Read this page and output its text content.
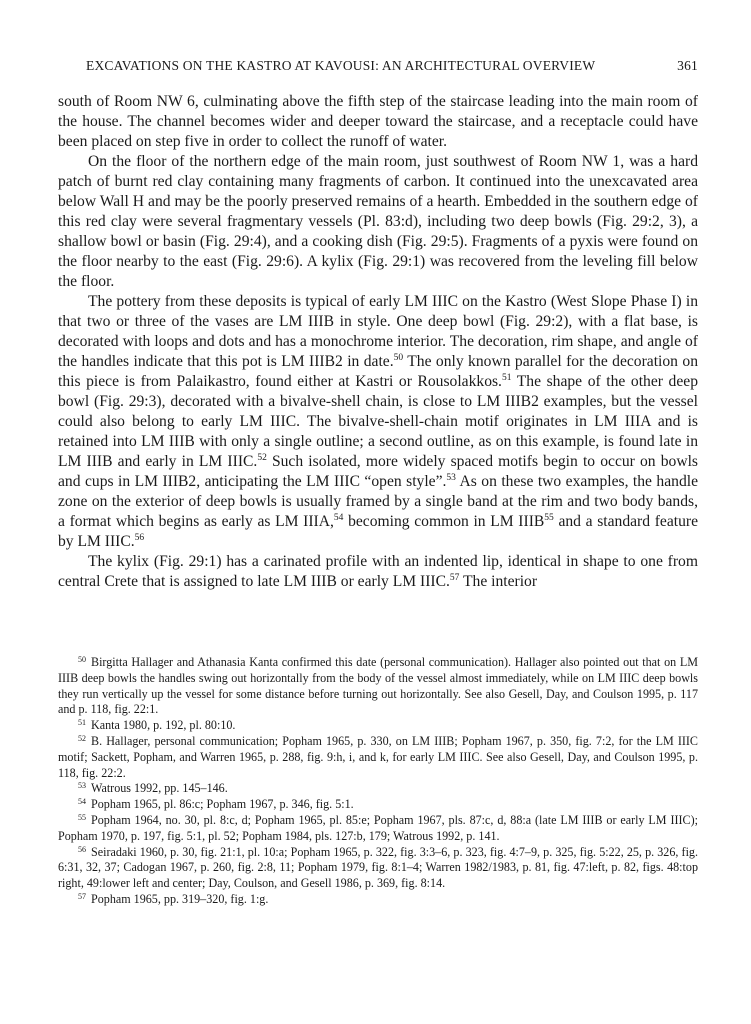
EXCAVATIONS ON THE KASTRO AT KAVOUSI: AN ARCHITECTURAL OVERVIEW	361

south of Room NW 6, culminating above the fifth step of the staircase leading into the main room of the house. The channel becomes wider and deeper toward the staircase, and a receptacle could have been placed on step five in order to collect the runoff of water.

On the floor of the northern edge of the main room, just southwest of Room NW 1, was a hard patch of burnt red clay containing many fragments of carbon. It continued into the unexcavated area below Wall H and may be the poorly preserved remains of a hearth. Embedded in the southern edge of this red clay were several fragmentary vessels (Pl. 83:d), including two deep bowls (Fig. 29:2, 3), a shallow bowl or basin (Fig. 29:4), and a cooking dish (Fig. 29:5). Fragments of a pyxis were found on the floor nearby to the east (Fig. 29:6). A kylix (Fig. 29:1) was recovered from the leveling fill below the floor.

The pottery from these deposits is typical of early LM IIIC on the Kastro (West Slope Phase I) in that two or three of the vases are LM IIIB in style. One deep bowl (Fig. 29:2), with a flat base, is decorated with loops and dots and has a monochrome interior. The decoration, rim shape, and angle of the handles indicate that this pot is LM IIIB2 in date.$^{50}$ The only known parallel for the decoration on this piece is from Palaikastro, found either at Kastri or Rousolakkos.$^{51}$ The shape of the other deep bowl (Fig. 29:3), decorated with a bivalve-shell chain, is close to LM IIIB2 examples, but the vessel could also belong to early LM IIIC. The bivalve-shell-chain motif originates in LM IIIA and is retained into LM IIIB with only a single outline; a second outline, as on this example, is found late in LM IIIB and early in LM IIIC.$^{52}$ Such isolated, more widely spaced motifs begin to occur on bowls and cups in LM IIIB2, anticipating the LM IIIC “open style”.$^{53}$ As on these two examples, the handle zone on the exterior of deep bowls is usually framed by a single band at the rim and two body bands, a format which begins as early as LM IIIA,$^{54}$ becoming common in LM IIIB$^{55}$ and a standard feature by LM IIIC.$^{56}$

The kylix (Fig. 29:1) has a carinated profile with an indented lip, identical in shape to one from central Crete that is assigned to late LM IIIB or early LM IIIC.$^{57}$ The interior

$^{50}$ Birgitta Hallager and Athanasia Kanta confirmed this date (personal communication). Hallager also pointed out that on LM IIIB deep bowls the handles swing out horizontally from the body of the vessel almost immediately, while on LM IIIC deep bowls they run vertically up the vessel for some distance before turning out horizontally. See also Gesell, Day, and Coulson 1995, p. 117 and p. 118, fig. 22:1.

$^{51}$ Kanta 1980, p. 192, pl. 80:10.

$^{52}$ B. Hallager, personal communication; Popham 1965, p. 330, on LM IIIB; Popham 1967, p. 350, fig. 7:2, for the LM IIIC motif; Sackett, Popham, and Warren 1965, p. 288, fig. 9:h, i, and k, for early LM IIIC. See also Gesell, Day, and Coulson 1995, p. 118, fig. 22:2.

$^{53}$ Watrous 1992, pp. 145–146.

$^{54}$ Popham 1965, pl. 86:c; Popham 1967, p. 346, fig. 5:1.

$^{55}$ Popham 1964, no. 30, pl. 8:c, d; Popham 1965, pl. 85:e; Popham 1967, pls. 87:c, d, 88:a (late LM IIIB or early LM IIIC); Popham 1970, p. 197, fig. 5:1, pl. 52; Popham 1984, pls. 127:b, 179; Watrous 1992, p. 141.

$^{56}$ Seiradaki 1960, p. 30, fig. 21:1, pl. 10:a; Popham 1965, p. 322, fig. 3:3–6, p. 323, fig. 4:7–9, p. 325, fig. 5:22, 25, p. 326, fig. 6:31, 32, 37; Cadogan 1967, p. 260, fig. 2:8, 11; Popham 1979, fig. 8:1–4; Warren 1982/1983, p. 81, fig. 47:left, p. 82, figs. 48:top right, 49:lower left and center; Day, Coulson, and Gesell 1986, p. 369, fig. 8:14.

$^{57}$ Popham 1965, pp. 319–320, fig. 1:g.
